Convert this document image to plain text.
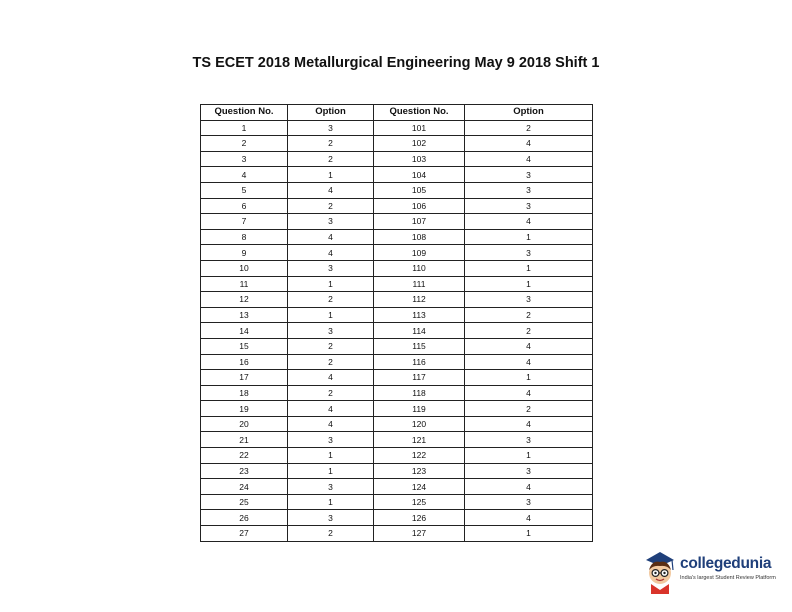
TS ECET 2018 Metallurgical Engineering May 9 2018 Shift 1
Question No.	Option	Question No.	Option
1	3	101	2
2	2	102	4
3	2	103	4
4	1	104	3
5	4	105	3
6	2	106	3
7	3	107	4
8	4	108	1
9	4	109	3
10	3	110	1
11	1	111	1
12	2	112	3
13	1	113	2
14	3	114	2
15	2	115	4
16	2	116	4
17	4	117	1
18	2	118	4
19	4	119	2
20	4	120	4
21	3	121	3
22	1	122	1
23	1	123	3
24	3	124	4
25	1	125	3
26	3	126	4
27	2	127	1
collegedunia
India's largest Student Review Platform
